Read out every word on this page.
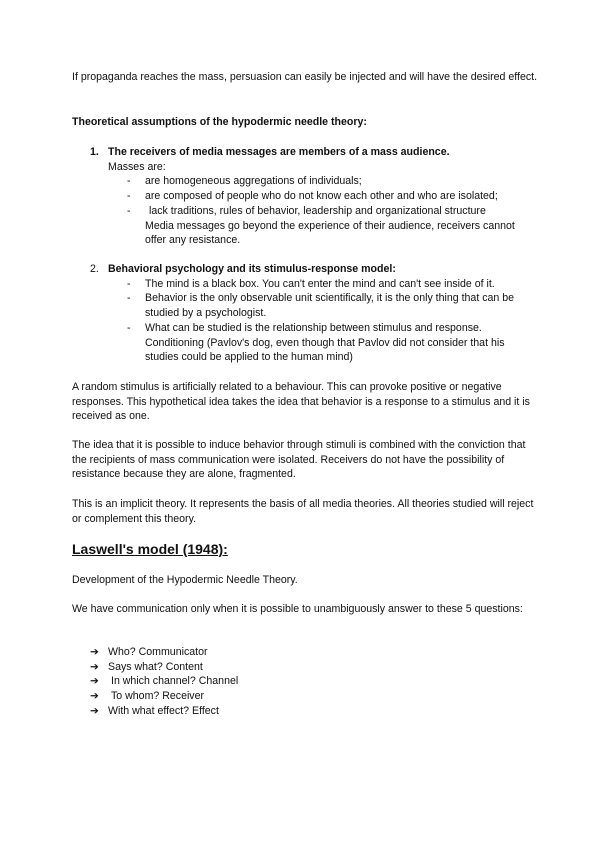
If propaganda reaches the mass, persuasion can easily be injected and will have the desired effect.

Theoretical assumptions of the hypodermic needle theory:

1. The receivers of media messages are members of a mass audience.
Masses are:
- are homogeneous aggregations of individuals;
- are composed of people who do not know each other and who are isolated;
- lack traditions, rules of behavior, leadership and organizational structure
Media messages go beyond the experience of their audience, receivers cannot offer any resistance.
2. Behavioral psychology and its stimulus-response model:
- The mind is a black box. You can't enter the mind and can't see inside of it.
- Behavior is the only observable unit scientifically, it is the only thing that can be studied by a psychologist.
- What can be studied is the relationship between stimulus and response. Conditioning (Pavlov's dog, even though that Pavlov did not consider that his studies could be applied to the human mind)

A random stimulus is artificially related to a behaviour. This can provoke positive or negative responses. This hypothetical idea takes the idea that behavior is a response to a stimulus and it is received as one.

The idea that it is possible to induce behavior through stimuli is combined with the conviction that the recipients of mass communication were isolated. Receivers do not have the possibility of resistance because they are alone, fragmented.

This is an implicit theory. It represents the basis of all media theories. All theories studied will reject or complement this theory.

Laswell's model (1948):

Development of the Hypodermic Needle Theory.

We have communication only when it is possible to unambiguously answer to these 5 questions:

➔ Who? Communicator
➔ Says what? Content
➔ In which channel? Channel
➔ To whom? Receiver
➔ With what effect? Effect
